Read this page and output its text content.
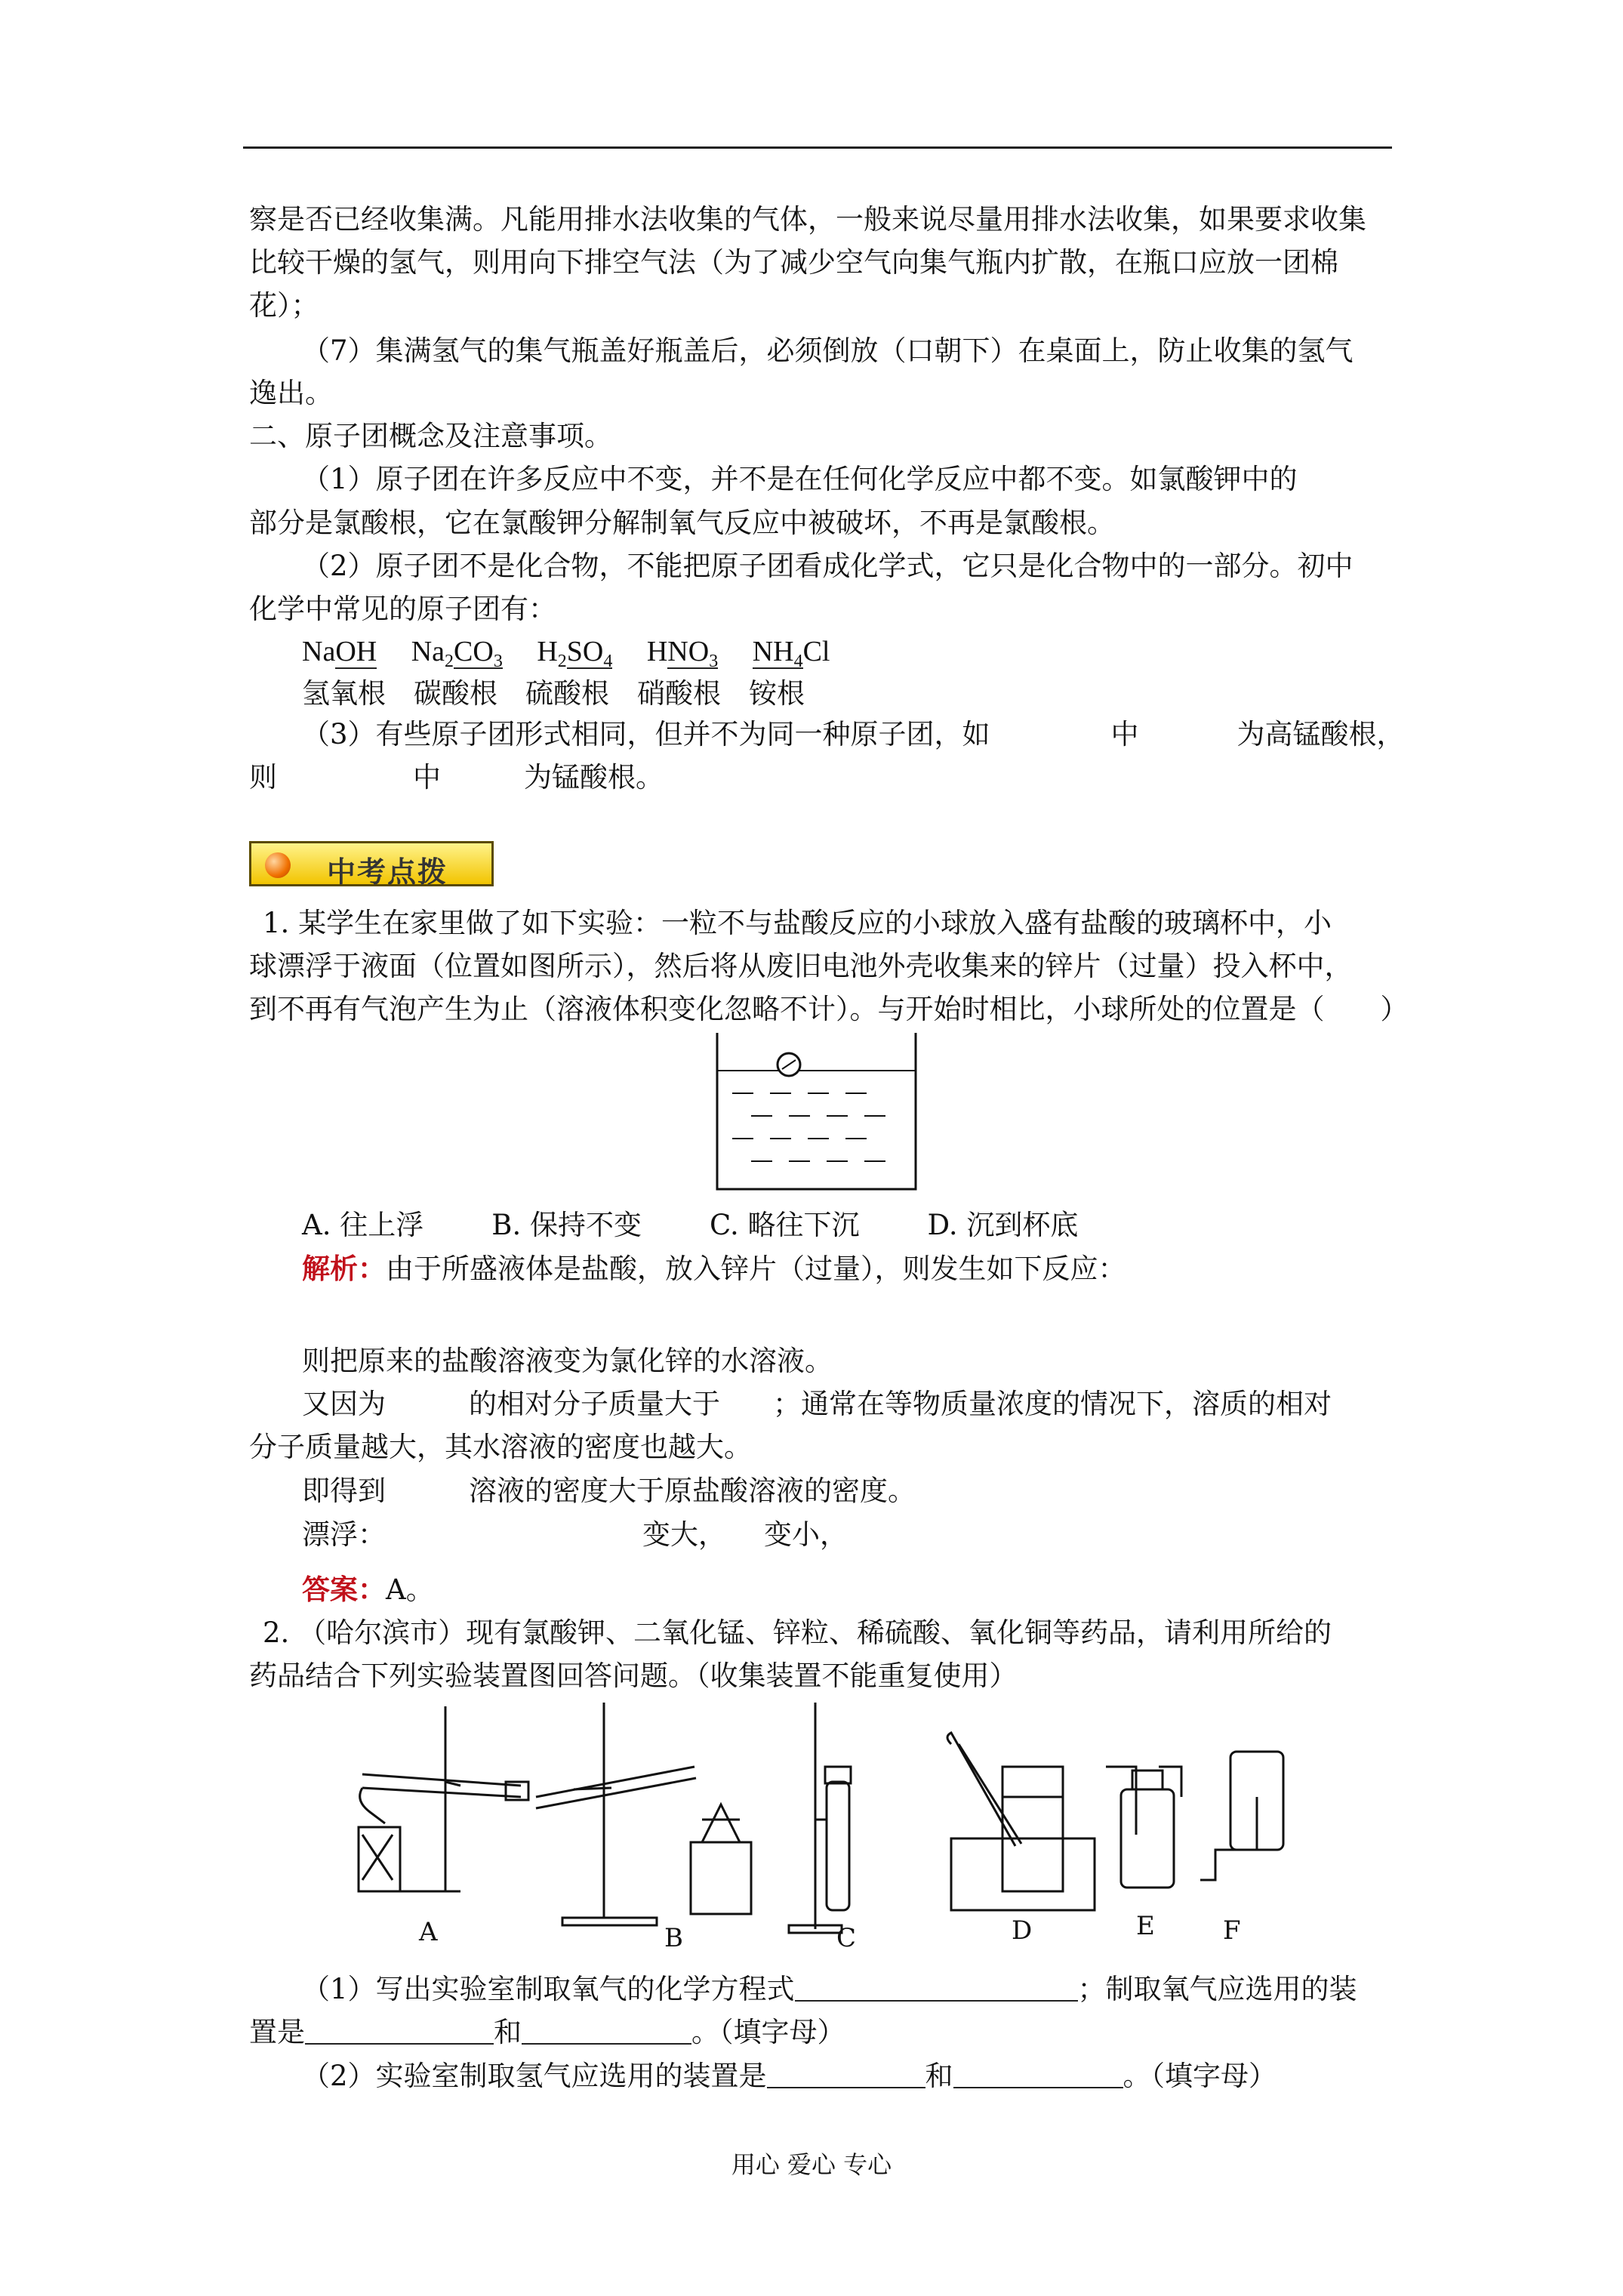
察是否已经收集满。凡能用排水法收集的气体，一般来说尽量用排水法收集，如果要求收集
比较干燥的氢气，则用向下排空气法（为了减少空气向集气瓶内扩散，在瓶口应放一团棉
花）；
（7）集满氢气的集气瓶盖好瓶盖后，必须倒放（口朝下）在桌面上，防止收集的氢气
逸出。
二、原子团概念及注意事项。
（1）原子团在许多反应中不变，并不是在任何化学反应中都不变。如氯酸钾中的
部分是氯酸根，它在氯酸钾分解制氧气反应中被破坏，不再是氯酸根。
（2）原子团不是化合物，不能把原子团看成化学式，它只是化合物中的一部分。初中
化学中常见的原子团有：
NaOH $Na_2CO_3$ $H_2SO_4$ $HNO_3$ $NH_4Cl$
氢氧根　碳酸根　硫酸根　硝酸根　铵根
（3）有些原子团形式相同，但并不为同一种原子团，如	中	为高锰酸根，
则	中	为锰酸根。
中考点拨
1. 某学生在家里做了如下实验：一粒不与盐酸反应的小球放入盛有盐酸的玻璃杯中，小
球漂浮于液面（位置如图所示），然后将从废旧电池外壳收集来的锌片（过量）投入杯中，
到不再有气泡产生为止（溶液体积变化忽略不计）。与开始时相比，小球所处的位置是（　　）
A. 往上浮 B. 保持不变 C. 略往下沉 D. 沉到杯底
解析：由于所盛液体是盐酸，放入锌片（过量），则发生如下反应：
则把原来的盐酸溶液变为氯化锌的水溶液。
又因为	的相对分子质量大于 ；通常在等物质量浓度的情况下，溶质的相对
分子质量越大，其水溶液的密度也越大。
即得到	溶液的密度大于原盐酸溶液的密度。
漂浮：	变大， 变小，
答案：A。
2. （哈尔滨市）现有氯酸钾、二氧化锰、锌粒、稀硫酸、氧化铜等药品，请利用所给的
药品结合下列实验装置图回答问题。（收集装置不能重复使用）
A	B	C	D	E	F
（1）写出实验室制取氧气的化学方程式	；制取氧气应选用的装
置是	和	。（填字母）
（2）实验室制取氢气应选用的装置是	和	。（填字母）
用心 爱心 专心
